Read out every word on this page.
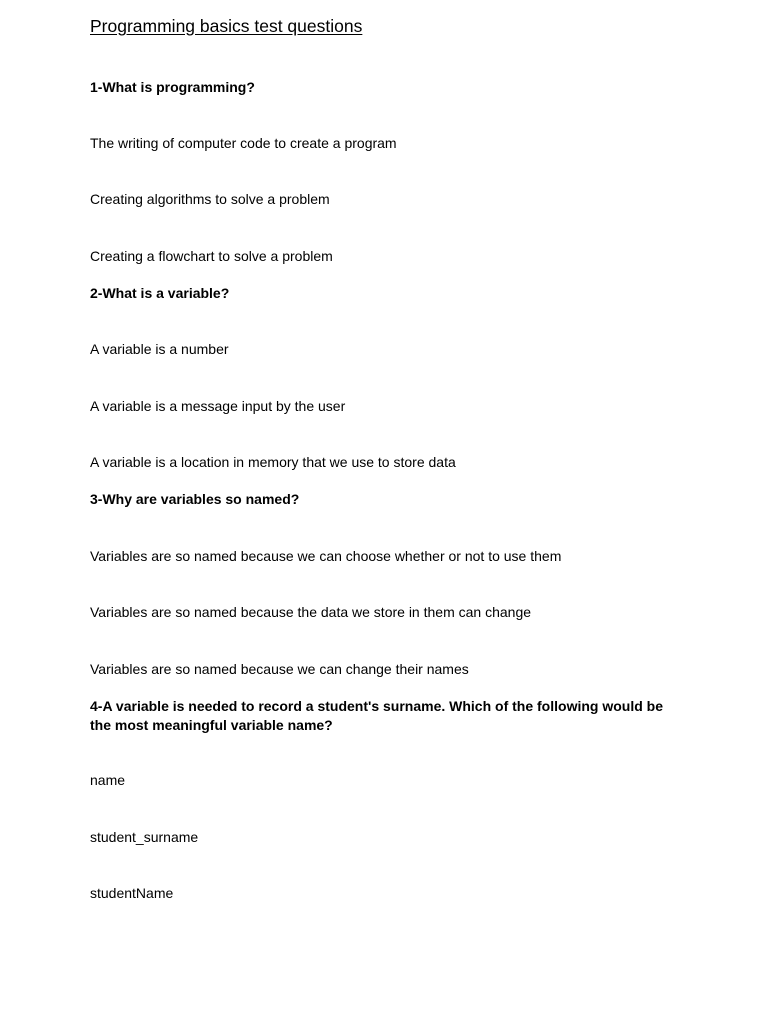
Programming basics test questions
1-What is programming?
The writing of computer code to create a program
Creating algorithms to solve a problem
Creating a flowchart to solve a problem
2-What is a variable?
A variable is a number
A variable is a message input by the user
A variable is a location in memory that we use to store data
3-Why are variables so named?
Variables are so named because we can choose whether or not to use them
Variables are so named because the data we store in them can change
Variables are so named because we can change their names
4-A variable is needed to record a student's surname. Which of the following would be the most meaningful variable name?
name
student_surname
studentName
